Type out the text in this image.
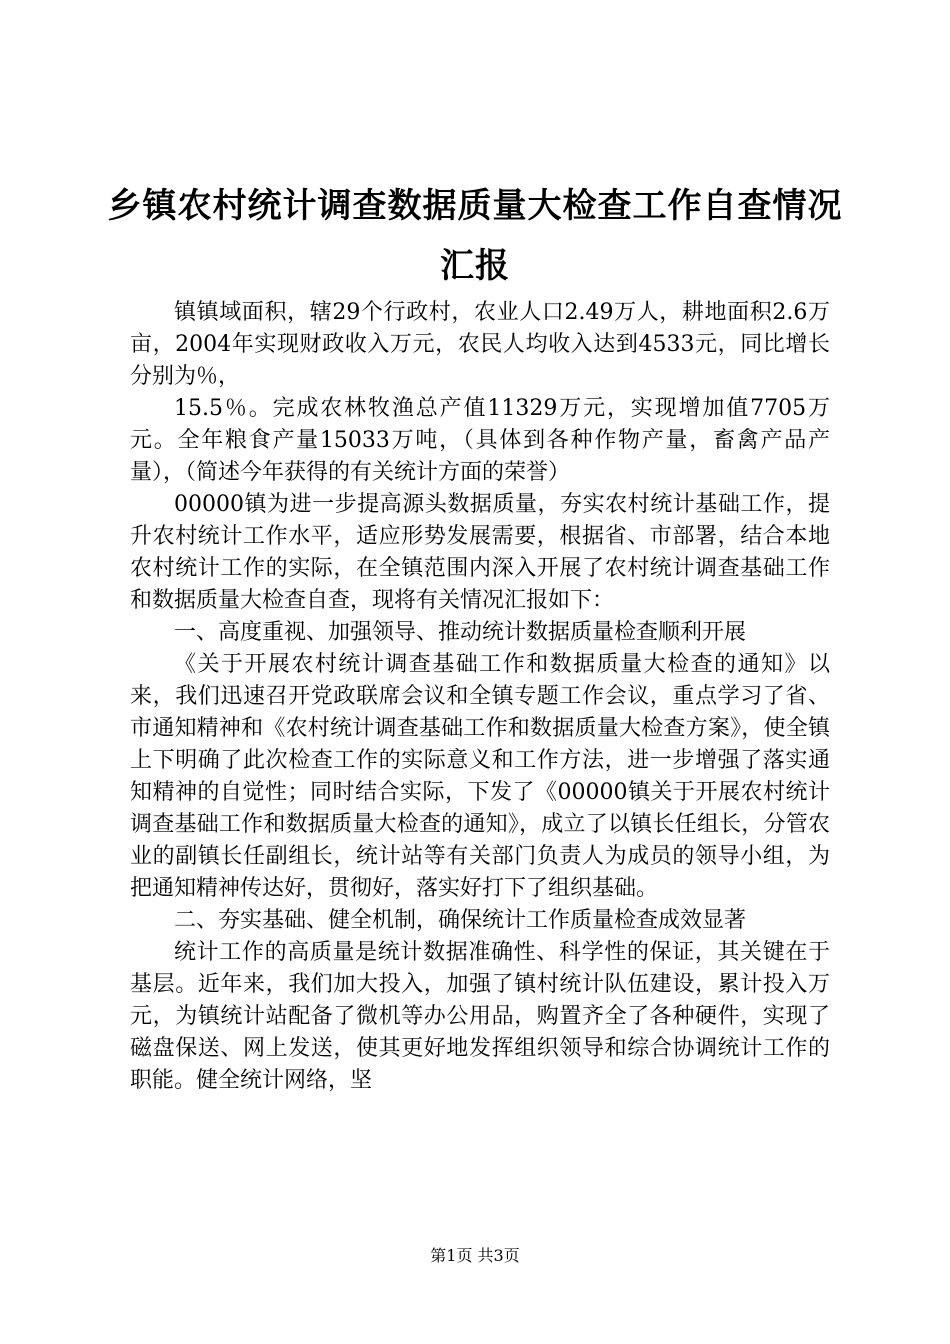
乡镇农村统计调查数据质量大检查工作自查情况汇报

镇镇域面积，辖29个行政村，农业人口2.49万人，耕地面积2.6万亩，2004年实现财政收入万元，农民人均收入达到4533元，同比增长分别为％，

15.5％。完成农林牧渔总产值11329万元，实现增加值7705万元。全年粮食产量15033万吨，（具体到各种作物产量，畜禽产品产量），（简述今年获得的有关统计方面的荣誉）

00000镇为进一步提高源头数据质量，夯实农村统计基础工作，提升农村统计工作水平，适应形势发展需要，根据省、市部署，结合本地农村统计工作的实际，在全镇范围内深入开展了农村统计调查基础工作和数据质量大检查自查，现将有关情况汇报如下：

一、高度重视、加强领导、推动统计数据质量检查顺利开展

《关于开展农村统计调查基础工作和数据质量大检查的通知》以来，我们迅速召开党政联席会议和全镇专题工作会议，重点学习了省、市通知精神和《农村统计调查基础工作和数据质量大检查方案》，使全镇上下明确了此次检查工作的实际意义和工作方法，进一步增强了落实通知精神的自觉性；同时结合实际，下发了《00000镇关于开展农村统计调查基础工作和数据质量大检查的通知》，成立了以镇长任组长，分管农业的副镇长任副组长，统计站等有关部门负责人为成员的领导小组，为把通知精神传达好，贯彻好，落实好打下了组织基础。

二、夯实基础、健全机制，确保统计工作质量检查成效显著

统计工作的高质量是统计数据准确性、科学性的保证，其关键在于基层。近年来，我们加大投入，加强了镇村统计队伍建设，累计投入万元，为镇统计站配备了微机等办公用品，购置齐全了各种硬件，实现了磁盘保送、网上发送，使其更好地发挥组织领导和综合协调统计工作的职能。健全统计网络，坚

第1页 共3页
